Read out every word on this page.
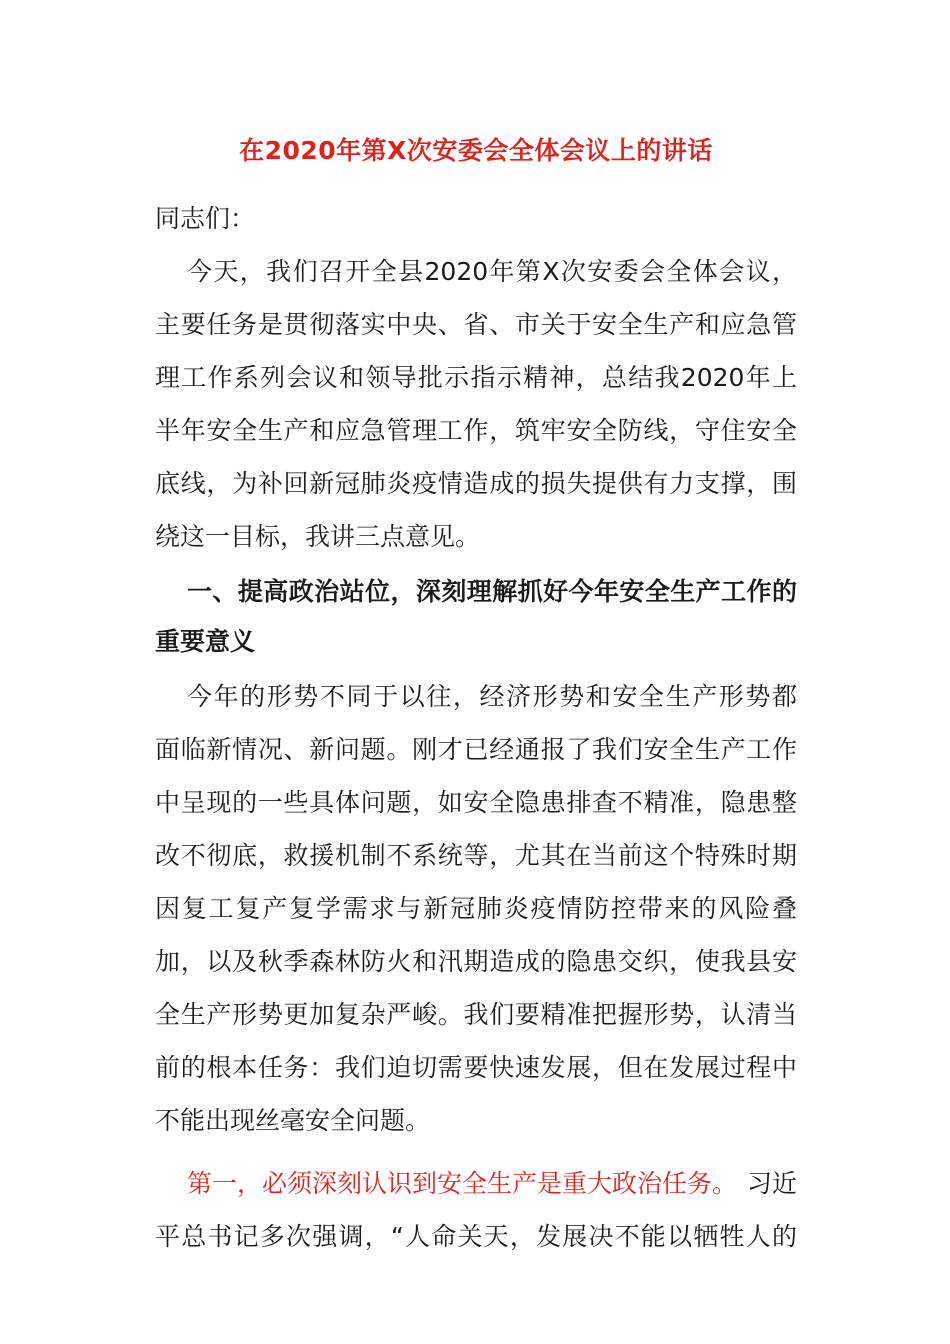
在2020年第X次安委会全体会议上的讲话
同志们：
今天，我们召开全县2020年第X次安委会全体会议，
主要任务是贯彻落实中央、省、市关于安全生产和应急管
理工作系列会议和领导批示指示精神，总结我2020年上
半年安全生产和应急管理工作，筑牢安全防线，守住安全
底线，为补回新冠肺炎疫情造成的损失提供有力支撑，围
绕这一目标，我讲三点意见。
一、提高政治站位，深刻理解抓好今年安全生产工作的
重要意义
今年的形势不同于以往，经济形势和安全生产形势都
面临新情况、新问题。刚才已经通报了我们安全生产工作
中呈现的一些具体问题，如安全隐患排查不精准，隐患整
改不彻底，救援机制不系统等，尤其在当前这个特殊时期
因复工复产复学需求与新冠肺炎疫情防控带来的风险叠
加，以及秋季森林防火和汛期造成的隐患交织，使我县安
全生产形势更加复杂严峻。我们要精准把握形势，认清当
前的根本任务：我们迫切需要快速发展，但在发展过程中
不能出现丝毫安全问题。
第一，必须深刻认识到安全生产是重大政治任务。 习近
平总书记多次强调，“人命关天，发展决不能以牺牲人的
